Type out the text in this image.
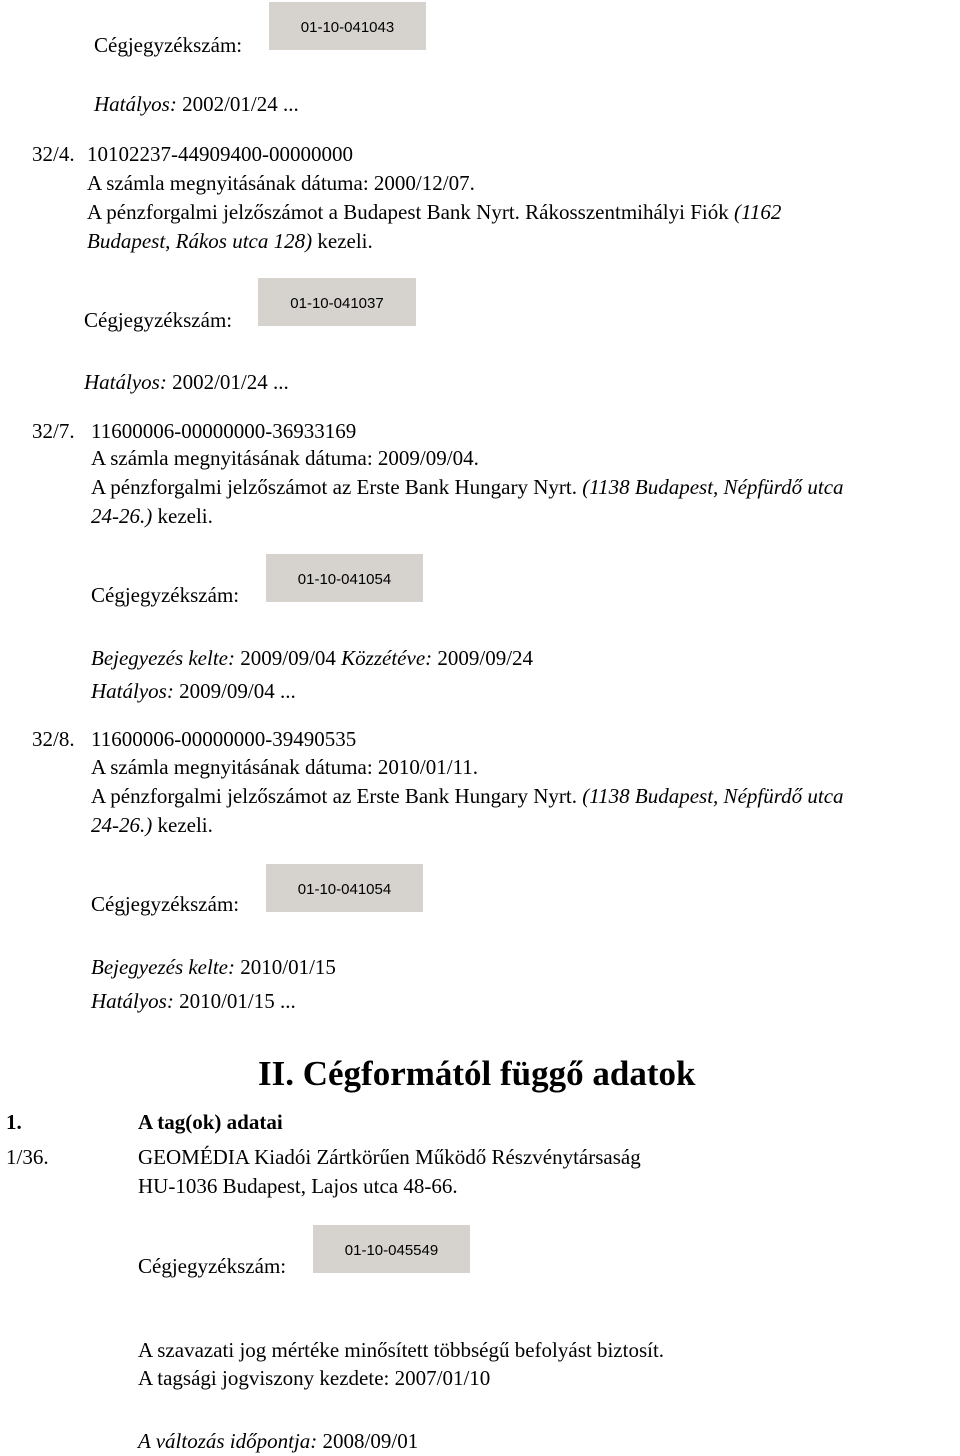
Cégjegyzékszám:
01-10-041043
Hatályos: 2002/01/24 ...
32/4. 10102237-44909400-00000000
A számla megnyitásának dátuma: 2000/12/07.
A pénzforgalmi jelzőszámot a Budapest Bank Nyrt. Rákosszentmihályi Fiók (1162
Budapest, Rákos utca 128) kezeli.
Cégjegyzékszám:
01-10-041037
Hatályos: 2002/01/24 ...
32/7. 11600006-00000000-36933169
A számla megnyitásának dátuma: 2009/09/04.
A pénzforgalmi jelzőszámot az Erste Bank Hungary Nyrt. (1138 Budapest, Népfürdő utca
24-26.) kezeli.
Cégjegyzékszám:
01-10-041054
Bejegyezés kelte: 2009/09/04 Közzétéve: 2009/09/24
Hatályos: 2009/09/04 ...
32/8. 11600006-00000000-39490535
A számla megnyitásának dátuma: 2010/01/11.
A pénzforgalmi jelzőszámot az Erste Bank Hungary Nyrt. (1138 Budapest, Népfürdő utca
24-26.) kezeli.
Cégjegyzékszám:
01-10-041054
Bejegyezés kelte: 2010/01/15
Hatályos: 2010/01/15 ...
II. Cégformától függő adatok
1.	A tag(ok) adatai
1/36.	GEOMÉDIA Kiadói Zártkörűen Működő Részvénytársaság
HU-1036 Budapest, Lajos utca 48-66.
Cégjegyzékszám:
01-10-045549
A szavazati jog mértéke minősített többségű befolyást biztosít.
A tagsági jogviszony kezdete: 2007/01/10
A változás időpontja: 2008/09/01
